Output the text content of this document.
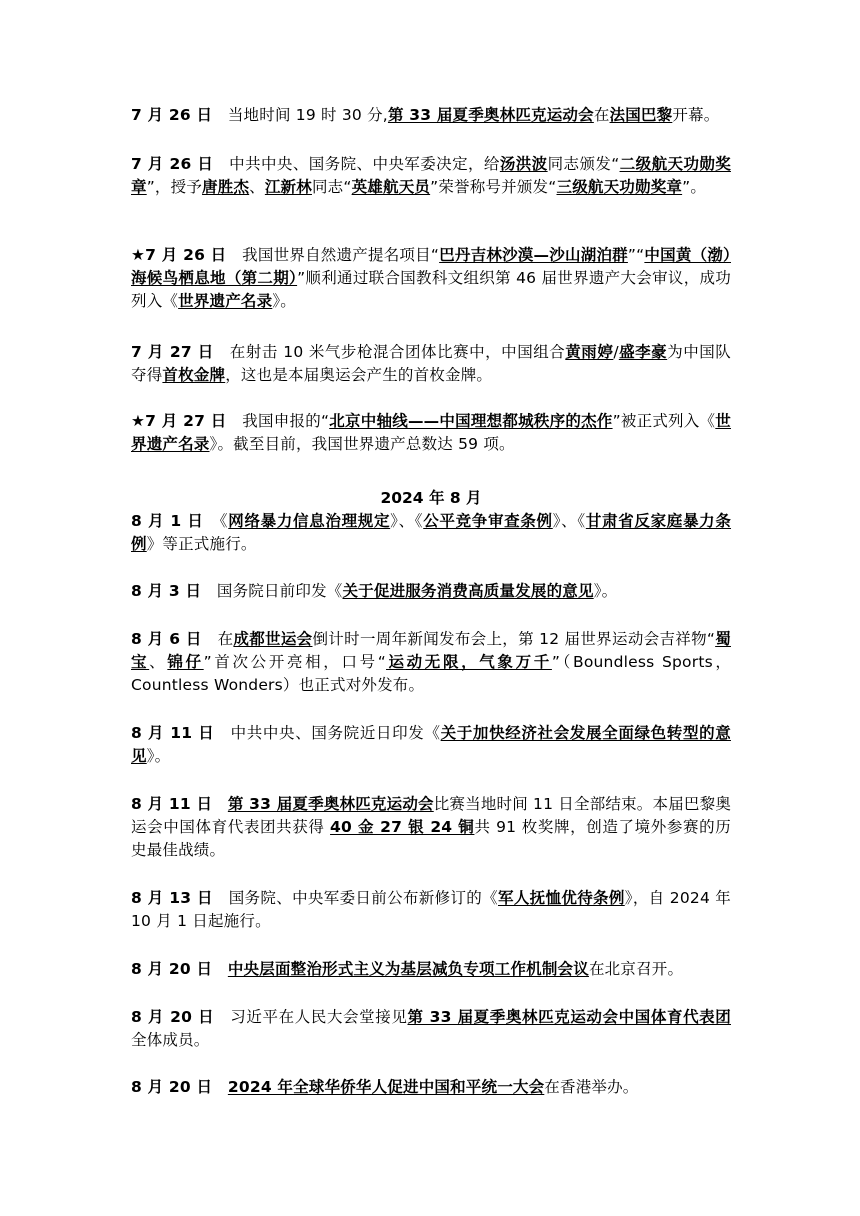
7 月 26 日　当地时间 19 时 30 分,第 33 届夏季奥林匹克运动会在法国巴黎开幕。
7 月 26 日　中共中央、国务院、中央军委决定，给汤洪波同志颁发“二级航天功勋奖章”，授予唐胜杰、江新林同志“英雄航天员”荣誉称号并颁发“三级航天功勋奖章”。
★7 月 26 日　我国世界自然遗产提名项目“巴丹吉林沙漠—沙山湖泊群”“中国黄（渤）海候鸟栖息地（第二期）”顺利通过联合国教科文组织第 46 届世界遗产大会审议，成功列入《世界遗产名录》。
7 月 27 日　在射击 10 米气步枪混合团体比赛中，中国组合黄雨婷/盛李豪为中国队夺得首枚金牌，这也是本届奥运会产生的首枚金牌。
★7 月 27 日　我国申报的“北京中轴线——中国理想都城秩序的杰作”被正式列入《世界遗产名录》。截至目前，我国世界遗产总数达 59 项。
2024 年 8 月
8 月 1 日　《网络暴力信息治理规定》、《公平竞争审查条例》、《甘肃省反家庭暴力条例》等正式施行。
8 月 3 日　国务院日前印发《关于促进服务消费高质量发展的意见》。
8 月 6 日　在成都世运会倒计时一周年新闻发布会上，第 12 届世界运动会吉祥物“蜀宝、锦仔”首次公开亮相，口号“运动无限，气象万千”（Boundless Sports，Countless Wonders）也正式对外发布。
8 月 11 日　中共中央、国务院近日印发《关于加快经济社会发展全面绿色转型的意见》。
8 月 11 日　 第 33 届夏季奥林匹克运动会比赛当地时间 11 日全部结束。本届巴黎奥运会中国体育代表团共获得 40 金 27 银 24 铜共 91 枚奖牌，创造了境外参赛的历史最佳战绩。
8 月 13 日　国务院、中央军委日前公布新修订的《军人抚恤优待条例》，自 2024 年 10 月 1 日起施行。
8 月 20 日　 中央层面整治形式主义为基层减负专项工作机制会议在北京召开。
8 月 20 日　习近平在人民大会堂接见第 33 届夏季奥林匹克运动会中国体育代表团全体成员。
8 月 20 日　 2024 年全球华侨华人促进中国和平统一大会在香港举办。
